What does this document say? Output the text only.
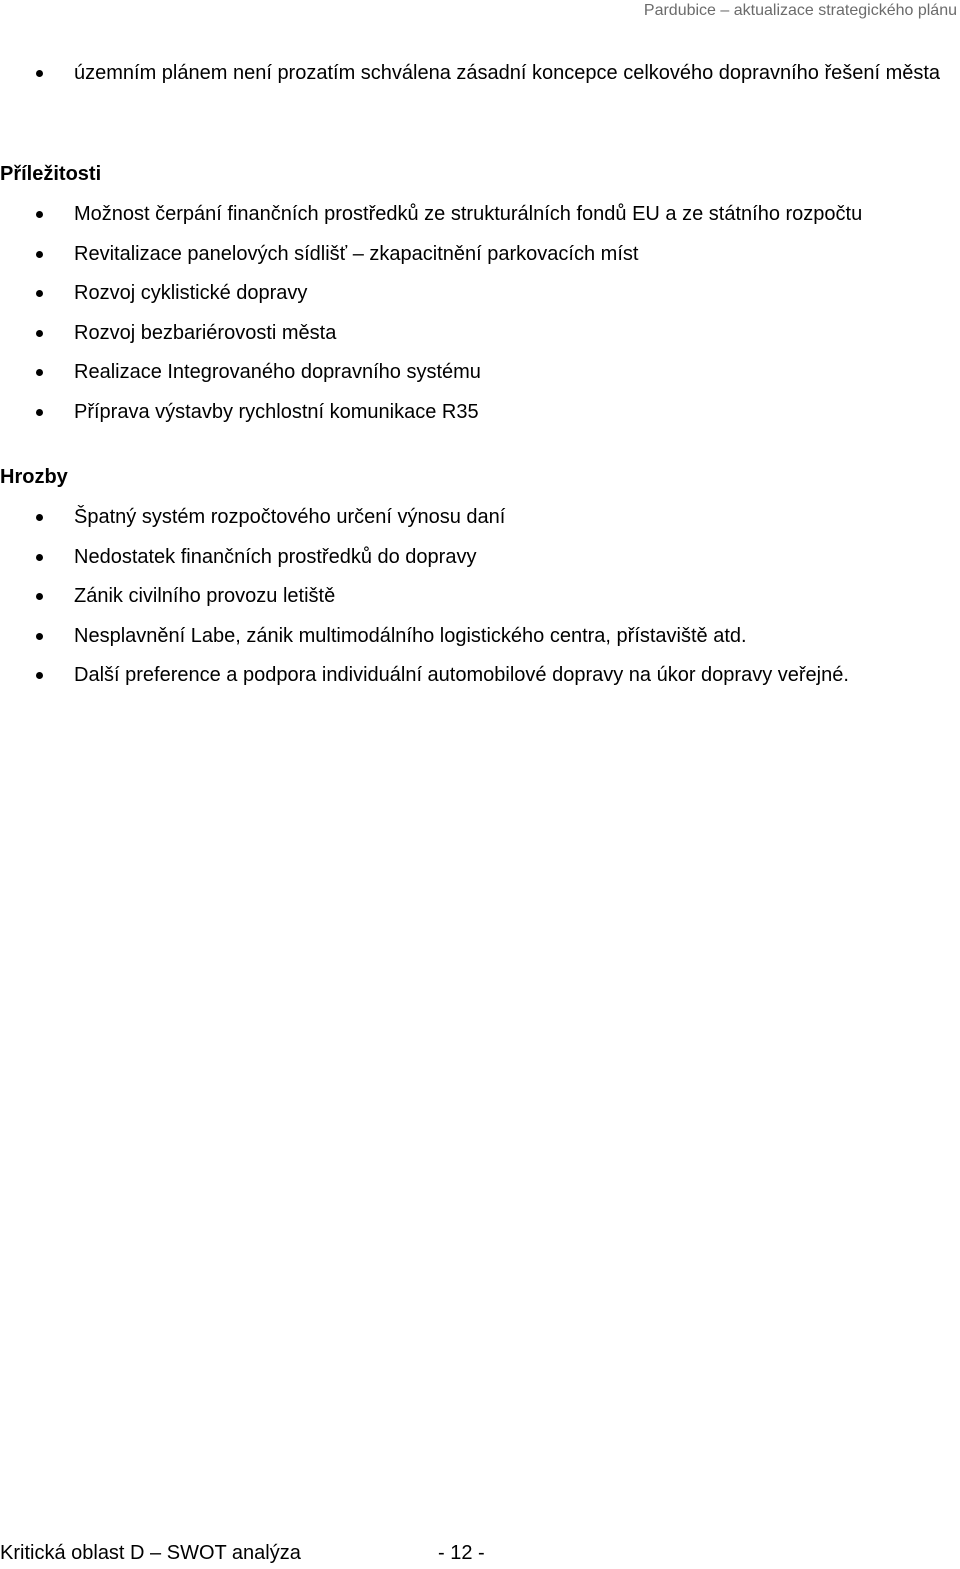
Pardubice – aktualizace strategického plánu
územním plánem není prozatím schválena zásadní koncepce celkového dopravního řešení města
Příležitosti
Možnost čerpání finančních prostředků ze strukturálních fondů EU a ze státního rozpočtu
Revitalizace panelových sídlišť – zkapacitnění parkovacích míst
Rozvoj cyklistické dopravy
Rozvoj bezbariérovosti města
Realizace Integrovaného dopravního systému
Příprava výstavby rychlostní komunikace R35
Hrozby
Špatný systém rozpočtového určení výnosu daní
Nedostatek finančních prostředků do dopravy
Zánik civilního provozu letiště
Nesplavnění Labe, zánik multimodálního logistického centra, přístaviště atd.
Další preference a podpora individuální automobilové dopravy na úkor dopravy veřejné.
Kritická oblast D – SWOT analýza	- 12 -
